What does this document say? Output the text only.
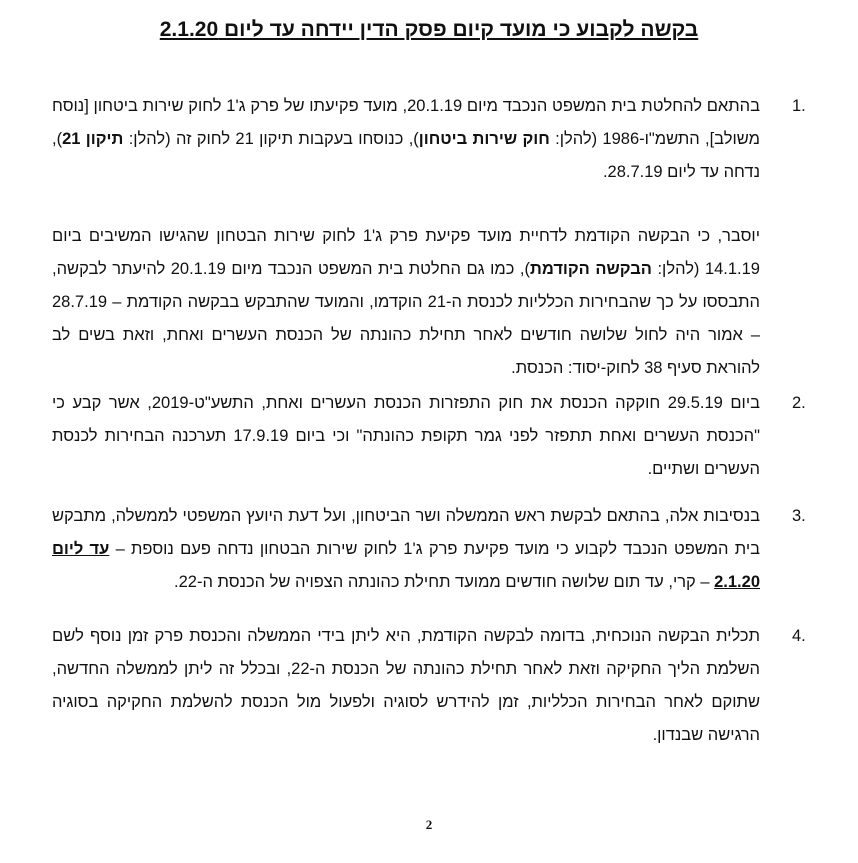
בקשה לקבוע כי מועד קיום פסק הדין יידחה עד ליום 2.1.20
1.
בהתאם להחלטת בית המשפט הנכבד מיום 20.1.19, מועד פקיעתו של פרק ג'1 לחוק שירות ביטחון [נוסח משולב], התשמ"ו-1986 (להלן: חוק שירות ביטחון), כנוסחו בעקבות תיקון 21 לחוק זה (להלן: תיקון 21), נדחה עד ליום 28.7.19.
יוסבר, כי הבקשה הקודמת לדחיית מועד פקיעת פרק ג'1 לחוק שירות הבטחון שהגישו המשיבים ביום 14.1.19 (להלן: הבקשה הקודמת), כמו גם החלטת בית המשפט הנכבד מיום 20.1.19 להיעתר לבקשה, התבססו על כך שהבחירות הכלליות לכנסת ה-21 הוקדמו, והמועד שהתבקש בבקשה הקודמת – 28.7.19 – אמור היה לחול שלושה חודשים לאחר תחילת כהונתה של הכנסת העשרים ואחת, וזאת בשים לב להוראת סעיף 38 לחוק-יסוד: הכנסת.
2.
ביום 29.5.19 חוקקה הכנסת את חוק התפזרות הכנסת העשרים ואחת, התשע"ט-2019, אשר קבע כי "הכנסת העשרים ואחת תתפזר לפני גמר תקופת כהונתה" וכי ביום 17.9.19 תערכנה הבחירות לכנסת העשרים ושתיים.
3.
בנסיבות אלה, בהתאם לבקשת ראש הממשלה ושר הביטחון, ועל דעת היועץ המשפטי לממשלה, מתבקש בית המשפט הנכבד לקבוע כי מועד פקיעת פרק ג'1 לחוק שירות הבטחון נדחה פעם נוספת – עד ליום 2.1.20 – קרי, עד תום שלושה חודשים ממועד תחילת כהונתה הצפויה של הכנסת ה-22.
4.
תכלית הבקשה הנוכחית, בדומה לבקשה הקודמת, היא ליתן בידי הממשלה והכנסת פרק זמן נוסף לשם השלמת הליך החקיקה וזאת לאחר תחילת כהונתה של הכנסת ה-22, ובכלל זה ליתן לממשלה החדשה, שתוקם לאחר הבחירות הכלליות, זמן להידרש לסוגיה ולפעול מול הכנסת להשלמת החקיקה בסוגיה הרגישה שבנדון.
2
